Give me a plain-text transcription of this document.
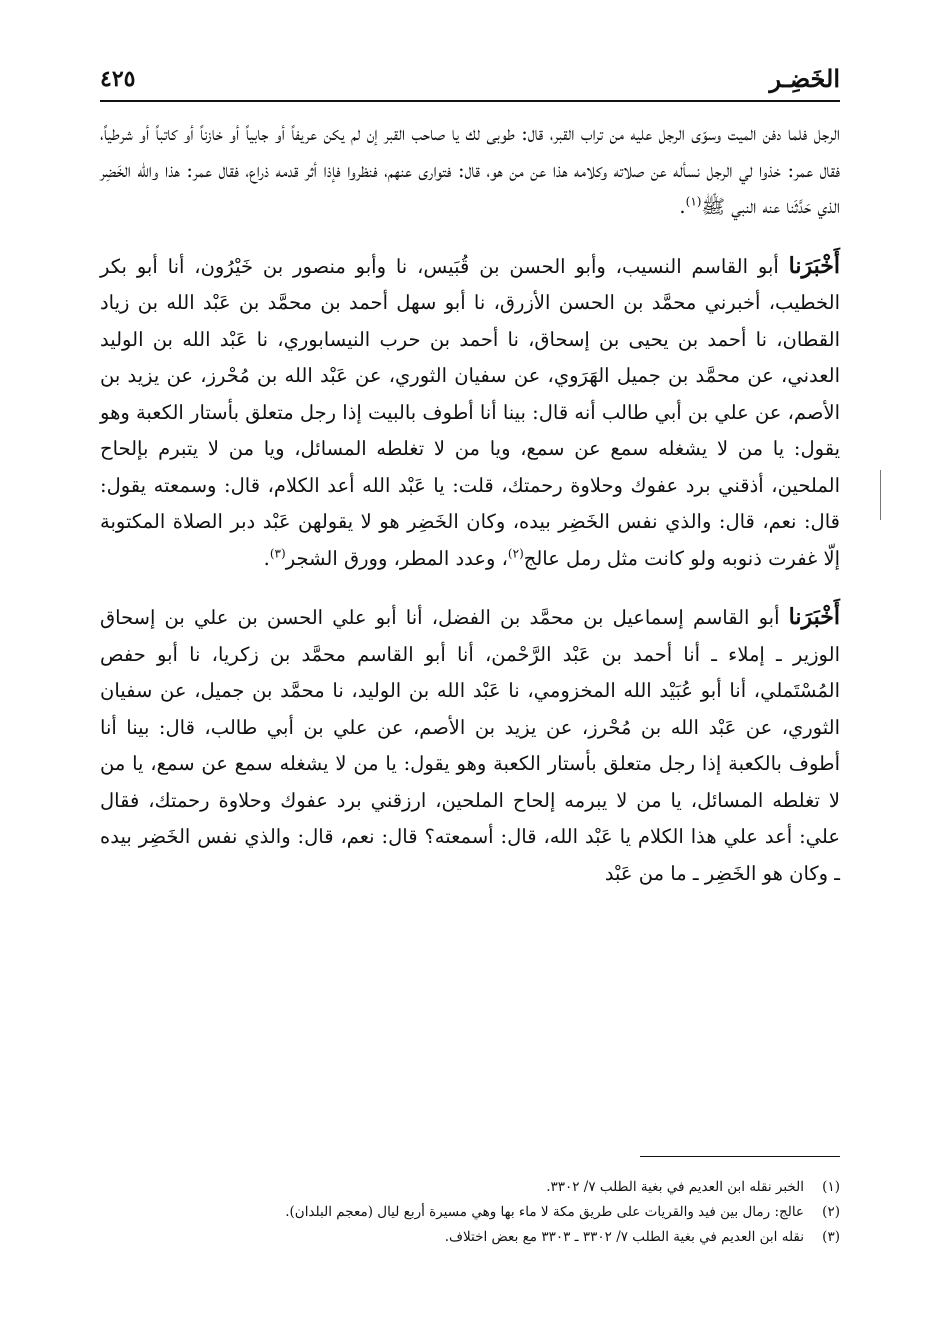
الخَضِـر
٤٢٥

الرجل فلما دفن الميت وسوّى الرجل عليه من تراب القبر، قال: طوبى لك يا صاحب القبر إن لم يكن عريفاً أو جابياً أو خازناً أو كاتباً أو شرطياً، فقال عمر: خذوا لي الرجل نسأله عن صلاته وكلامه هذا عن من هو، قال: فتوارى عنهم، فنظروا فإذا أثر قدمه ذراع، فقال عمر: هذا والله الخَضِر الذي حَدَّثَنا عنه النبي ﷺ$^{(١)}$.

أَخْبَرَنا أبو القاسم النسيب، وأبو الحسن بن قُبَيس، نا وأبو منصور بن خَيْرُون، أنا أبو بكر الخطيب، أخبرني محمَّد بن الحسن الأزرق، نا أبو سهل أحمد بن محمَّد بن عَبْد الله بن زياد القطان، نا أحمد بن يحيى بن إسحاق، نا أحمد بن حرب النيسابوري، نا عَبْد الله بن الوليد العدني، عن محمَّد بن جميل الهَرَوي، عن سفيان الثوري، عن عَبْد الله بن مُحْرز، عن يزيد بن الأصم، عن علي بن أبي طالب أنه قال: بينا أنا أطوف بالبيت إذا رجل متعلق بأستار الكعبة وهو يقول: يا من لا يشغله سمع عن سمع، ويا من لا تغلطه المسائل، ويا من لا يتبرم بإلحاح الملحين، أذقني برد عفوك وحلاوة رحمتك، قلت: يا عَبْد الله أعد الكلام، قال: وسمعته يقول: قال: نعم، قال: والذي نفس الخَضِر بيده، وكان الخَضِر هو لا يقولهن عَبْد دبر الصلاة المكتوبة إلّا غفرت ذنوبه ولو كانت مثل رمل عالج$^{(٢)}$، وعدد المطر، وورق الشجر$^{(٣)}$.

أَخْبَرَنا أبو القاسم إسماعيل بن محمَّد بن الفضل، أنا أبو علي الحسن بن علي بن إسحاق الوزير ـ إملاء ـ أنا أحمد بن عَبْد الرَّحْمن، أنا أبو القاسم محمَّد بن زكريا، نا أبو حفص المُسْتَملي، أنا أبو عُبَيْد الله المخزومي، نا عَبْد الله بن الوليد، نا محمَّد بن جميل، عن سفيان الثوري، عن عَبْد الله بن مُحْرز، عن يزيد بن الأصم، عن علي بن أبي طالب، قال: بينا أنا أطوف بالكعبة إذا رجل متعلق بأستار الكعبة وهو يقول: يا من لا يشغله سمع عن سمع، يا من لا تغلطه المسائل، يا من لا يبرمه إلحاح الملحين، ارزقني برد عفوك وحلاوة رحمتك، فقال علي: أعد علي هذا الكلام يا عَبْد الله، قال: أسمعته؟ قال: نعم، قال: والذي نفس الخَضِر بيده ـ وكان هو الخَضِر ـ ما من عَبْد

(١)
الخبر نقله ابن العديم في بغية الطلب ٧/ ٣٣٠٢.
(٢)
عالج: رمال بين فيد والقريات على طريق مكة لا ماء بها وهي مسيرة أربع ليال (معجم البلدان).
(٣)
نقله ابن العديم في بغية الطلب ٧/ ٣٣٠٢ ـ ٣٣٠٣ مع بعض اختلاف.
